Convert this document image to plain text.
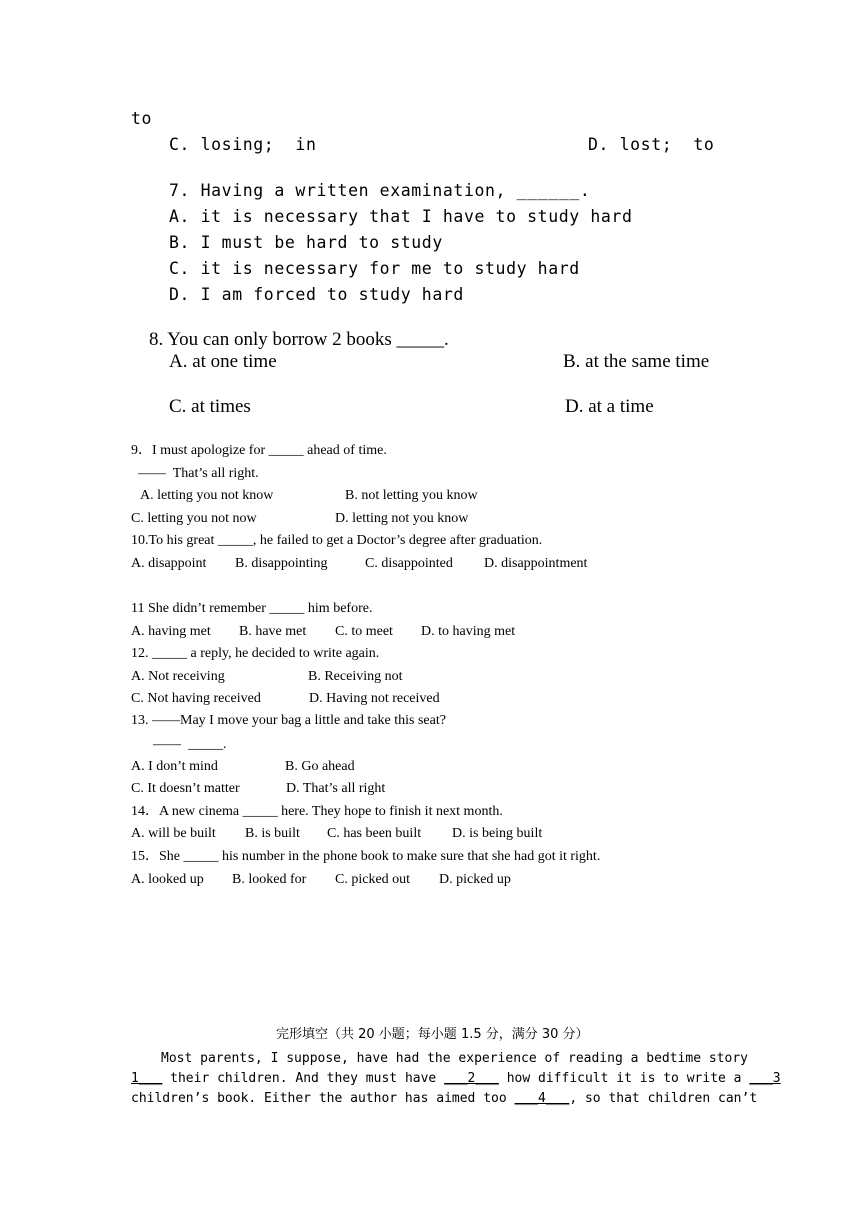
to
C. losing;  in	D. lost;  to
7. Having a written examination, ______.
A. it is necessary that I have to study hard
B. I must be hard to study
C. it is necessary for me to study hard
D. I am forced to study hard
8. You can only borrow 2 books _____.
A. at one time	B. at the same time
C. at times	D. at a time
9．I must apologize for _____ ahead of time.
——  That’s all right.
A. letting you not know	B. not letting you know
C. letting you not now	D. letting not you know
10.To his great _____, he failed to get a Doctor’s degree after graduation.
A. disappoint B. disappointing	C. disappointed D. disappointment
11 She didn’t remember _____ him before.
A. having met B. have met C. to meet D. to having met
12. _____ a reply, he decided to write again.
A. Not receiving	B. Receiving not
C. Not having received	D. Having not received
13. ——May I move your bag a little and take this seat?
——  _____.
A. I don’t mind	B. Go ahead
C. It doesn’t matter	D. That’s all right
14．A new cinema _____ here. They hope to finish it next month.
A. will be built B. is built C. has been built D. is being built
15．She _____ his number in the phone book to make sure that she had got it right.
A. looked up B. looked for C. picked out D. picked up
完形填空（共 20 小题；每小题 1.5 分，满分 30 分）
Most parents, I suppose, have had the experience of reading a bedtime story
1___ their children. And they must have ___2___ how difficult it is to write a ___3
children’s book. Either the author has aimed too ___4___, so that children can’t
